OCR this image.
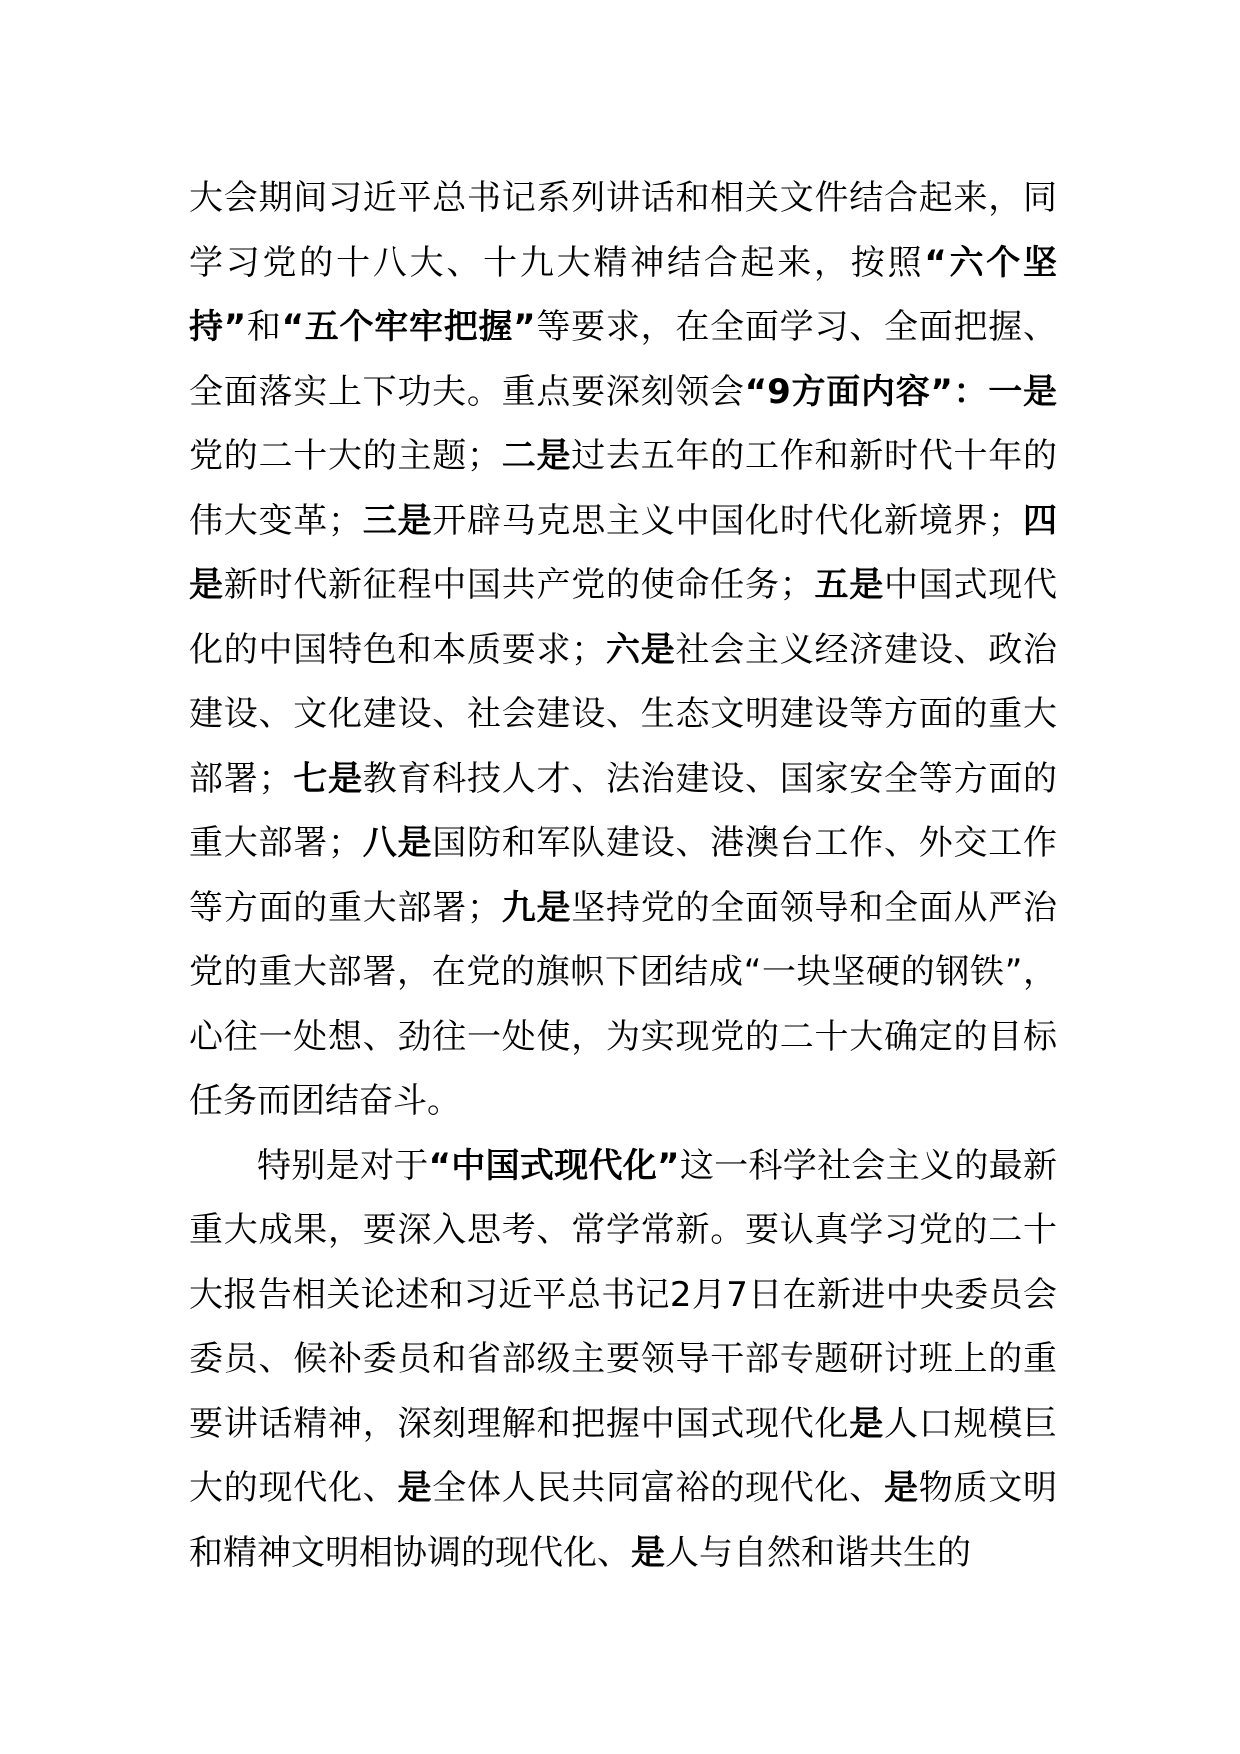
大会期间习近平总书记系列讲话和相关文件结合起来，同学习党的十八大、十九大精神结合起来，按照“六个坚持”和“五个牢牢把握”等要求，在全面学习、全面把握、全面落实上下功夫。重点要深刻领会“9方面内容”：一是党的二十大的主题；二是过去五年的工作和新时代十年的伟大变革；三是开辟马克思主义中国化时代化新境界；四是新时代新征程中国共产党的使命任务；五是中国式现代化的中国特色和本质要求；六是社会主义经济建设、政治建设、文化建设、社会建设、生态文明建设等方面的重大部署；七是教育科技人才、法治建设、国家安全等方面的重大部署；八是国防和军队建设、港澳台工作、外交工作等方面的重大部署；九是坚持党的全面领导和全面从严治党的重大部署，在党的旗帜下团结成“一块坚硬的钢铁”，心往一处想、劲往一处使，为实现党的二十大确定的目标任务而团结奋斗。

特别是对于“中国式现代化”这一科学社会主义的最新重大成果，要深入思考、常学常新。要认真学习党的二十大报告相关论述和习近平总书记2月7日在新进中央委员会委员、候补委员和省部级主要领导干部专题研讨班上的重要讲话精神，深刻理解和把握中国式现代化是人口规模巨大的现代化、是全体人民共同富裕的现代化、是物质文明和精神文明相协调的现代化、是人与自然和谐共生的
